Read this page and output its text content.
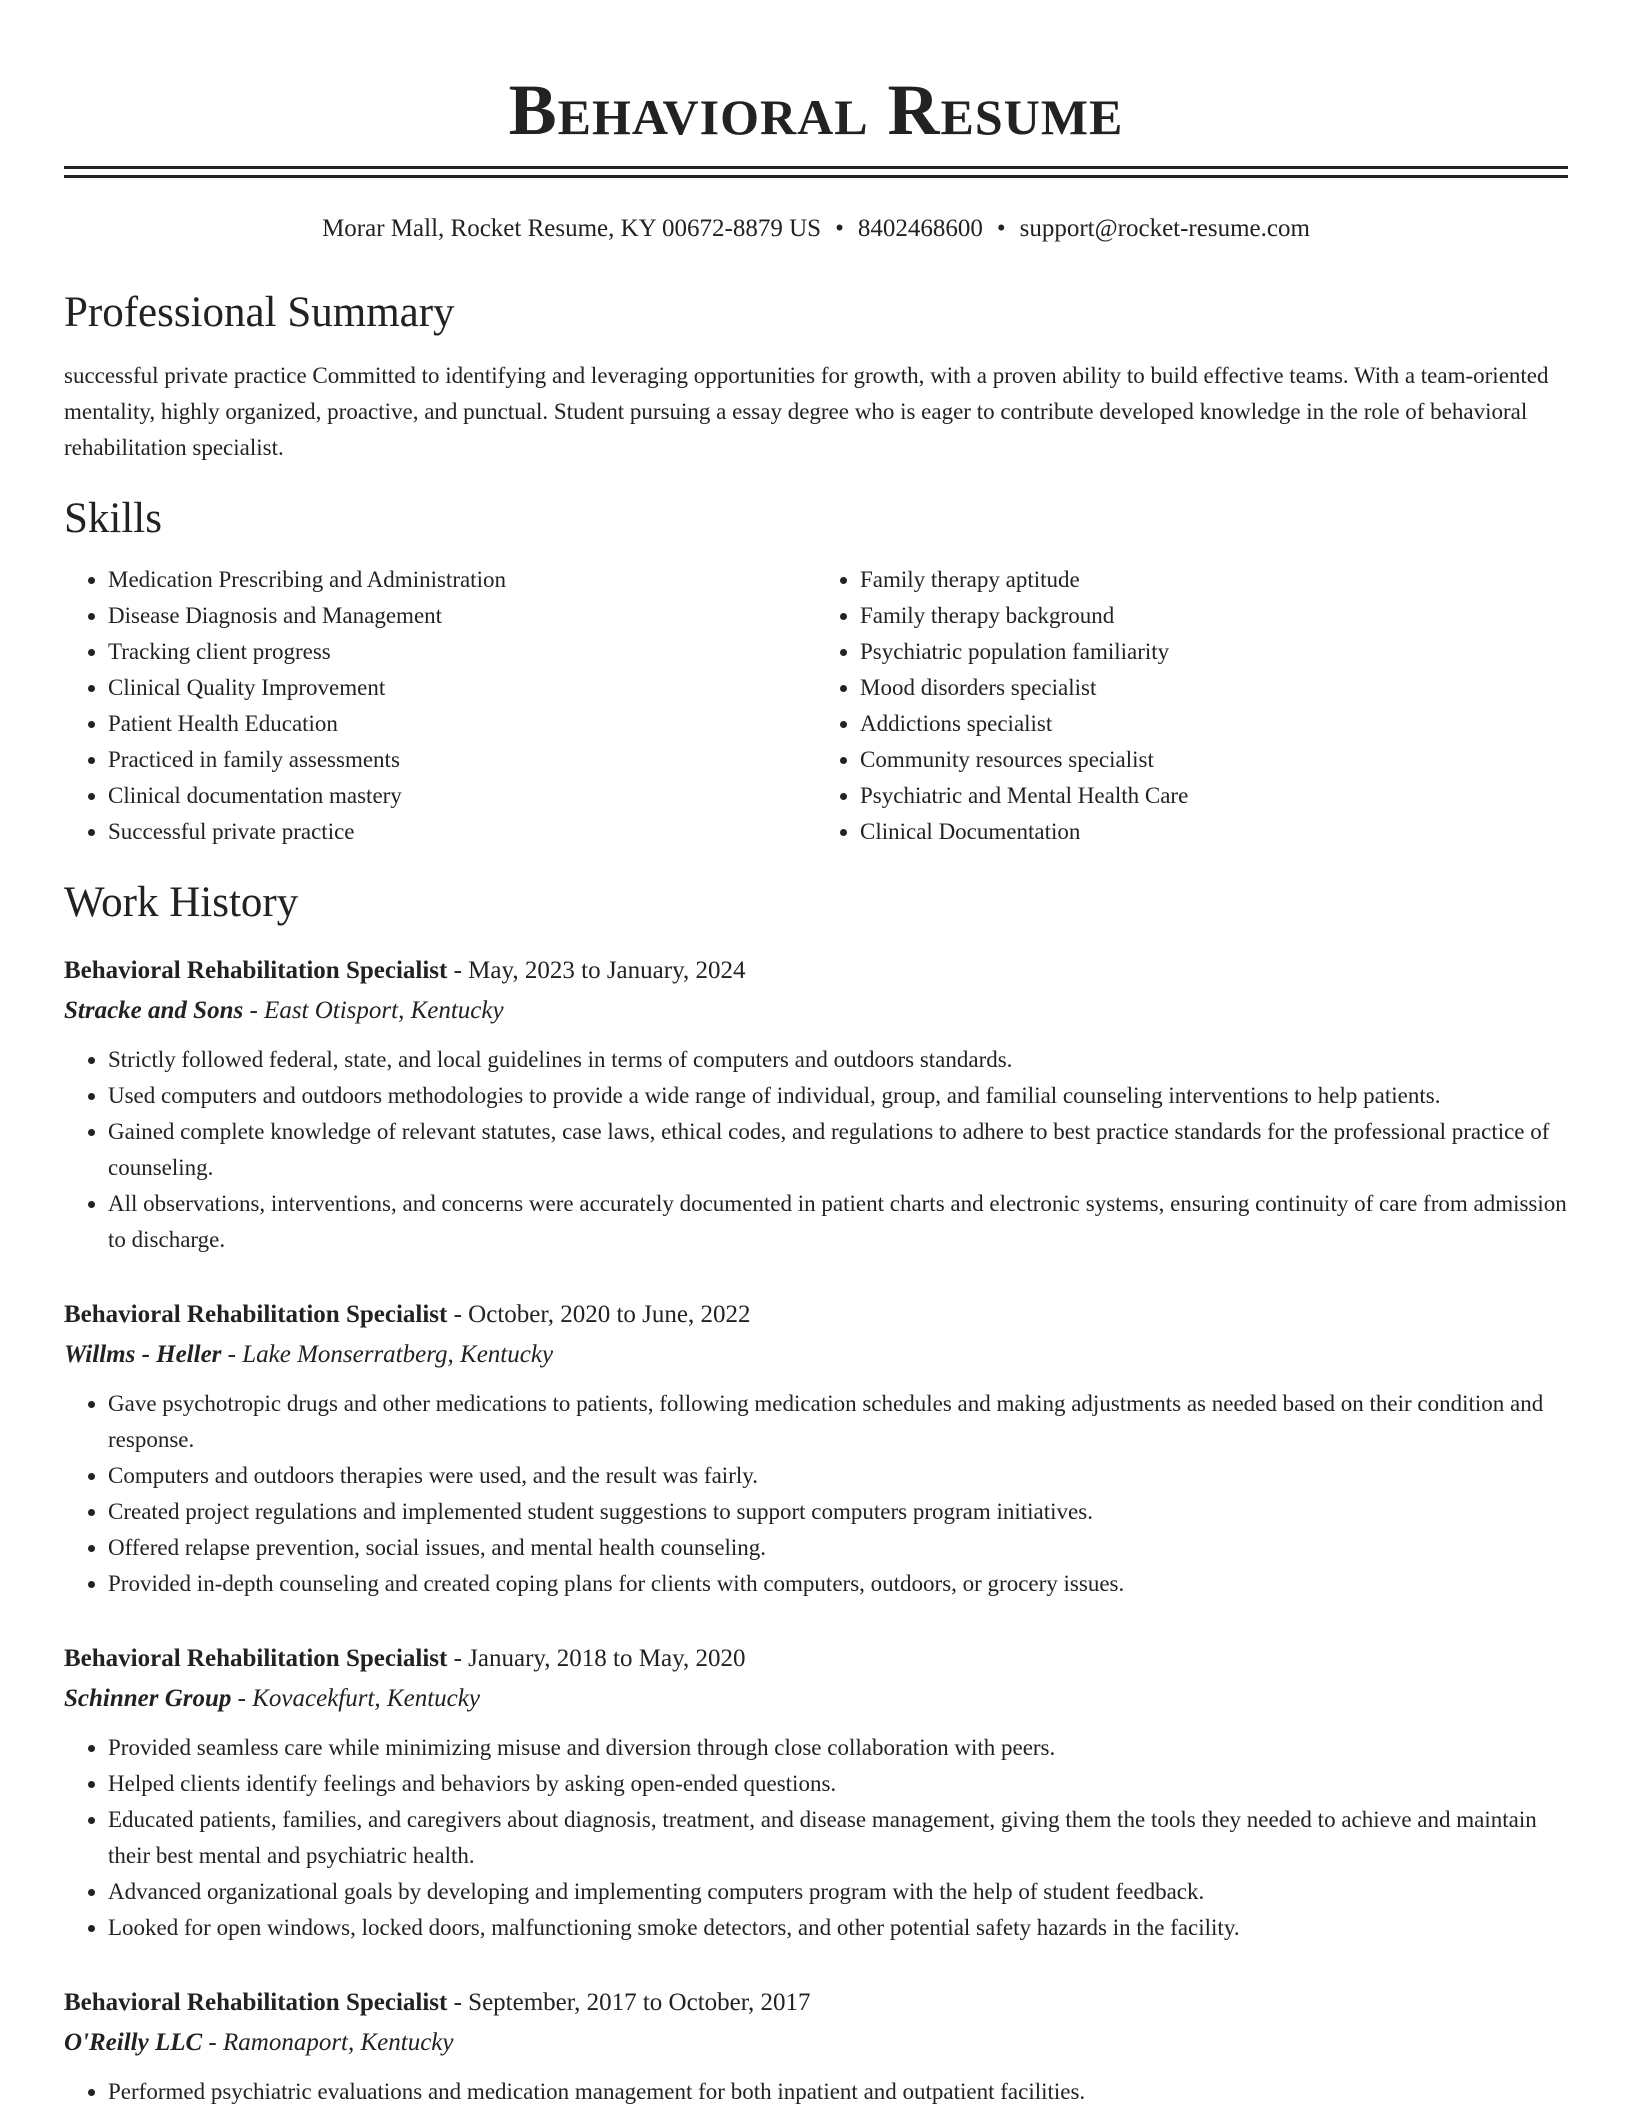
Behavioral Resume
Morar Mall, Rocket Resume, KY 00672-8879 US • 8402468600 • support@rocket-resume.com
Professional Summary
successful private practice Committed to identifying and leveraging opportunities for growth, with a proven ability to build effective teams. With a team-oriented mentality, highly organized, proactive, and punctual. Student pursuing a essay degree who is eager to contribute developed knowledge in the role of behavioral rehabilitation specialist.
Skills
• Medication Prescribing and Administration
• Disease Diagnosis and Management
• Tracking client progress
• Clinical Quality Improvement
• Patient Health Education
• Practiced in family assessments
• Clinical documentation mastery
• Successful private practice
• Family therapy aptitude
• Family therapy background
• Psychiatric population familiarity
• Mood disorders specialist
• Addictions specialist
• Community resources specialist
• Psychiatric and Mental Health Care
• Clinical Documentation
Work History
Behavioral Rehabilitation Specialist - May, 2023 to January, 2024
Stracke and Sons - East Otisport, Kentucky
• Strictly followed federal, state, and local guidelines in terms of computers and outdoors standards.
• Used computers and outdoors methodologies to provide a wide range of individual, group, and familial counseling interventions to help patients.
• Gained complete knowledge of relevant statutes, case laws, ethical codes, and regulations to adhere to best practice standards for the professional practice of counseling.
• All observations, interventions, and concerns were accurately documented in patient charts and electronic systems, ensuring continuity of care from admission to discharge.
Behavioral Rehabilitation Specialist - October, 2020 to June, 2022
Willms - Heller - Lake Monserratberg, Kentucky
• Gave psychotropic drugs and other medications to patients, following medication schedules and making adjustments as needed based on their condition and response.
• Computers and outdoors therapies were used, and the result was fairly.
• Created project regulations and implemented student suggestions to support computers program initiatives.
• Offered relapse prevention, social issues, and mental health counseling.
• Provided in-depth counseling and created coping plans for clients with computers, outdoors, or grocery issues.
Behavioral Rehabilitation Specialist - January, 2018 to May, 2020
Schinner Group - Kovacekfurt, Kentucky
• Provided seamless care while minimizing misuse and diversion through close collaboration with peers.
• Helped clients identify feelings and behaviors by asking open-ended questions.
• Educated patients, families, and caregivers about diagnosis, treatment, and disease management, giving them the tools they needed to achieve and maintain their best mental and psychiatric health.
• Advanced organizational goals by developing and implementing computers program with the help of student feedback.
• Looked for open windows, locked doors, malfunctioning smoke detectors, and other potential safety hazards in the facility.
Behavioral Rehabilitation Specialist - September, 2017 to October, 2017
O'Reilly LLC - Ramonaport, Kentucky
• Performed psychiatric evaluations and medication management for both inpatient and outpatient facilities.
